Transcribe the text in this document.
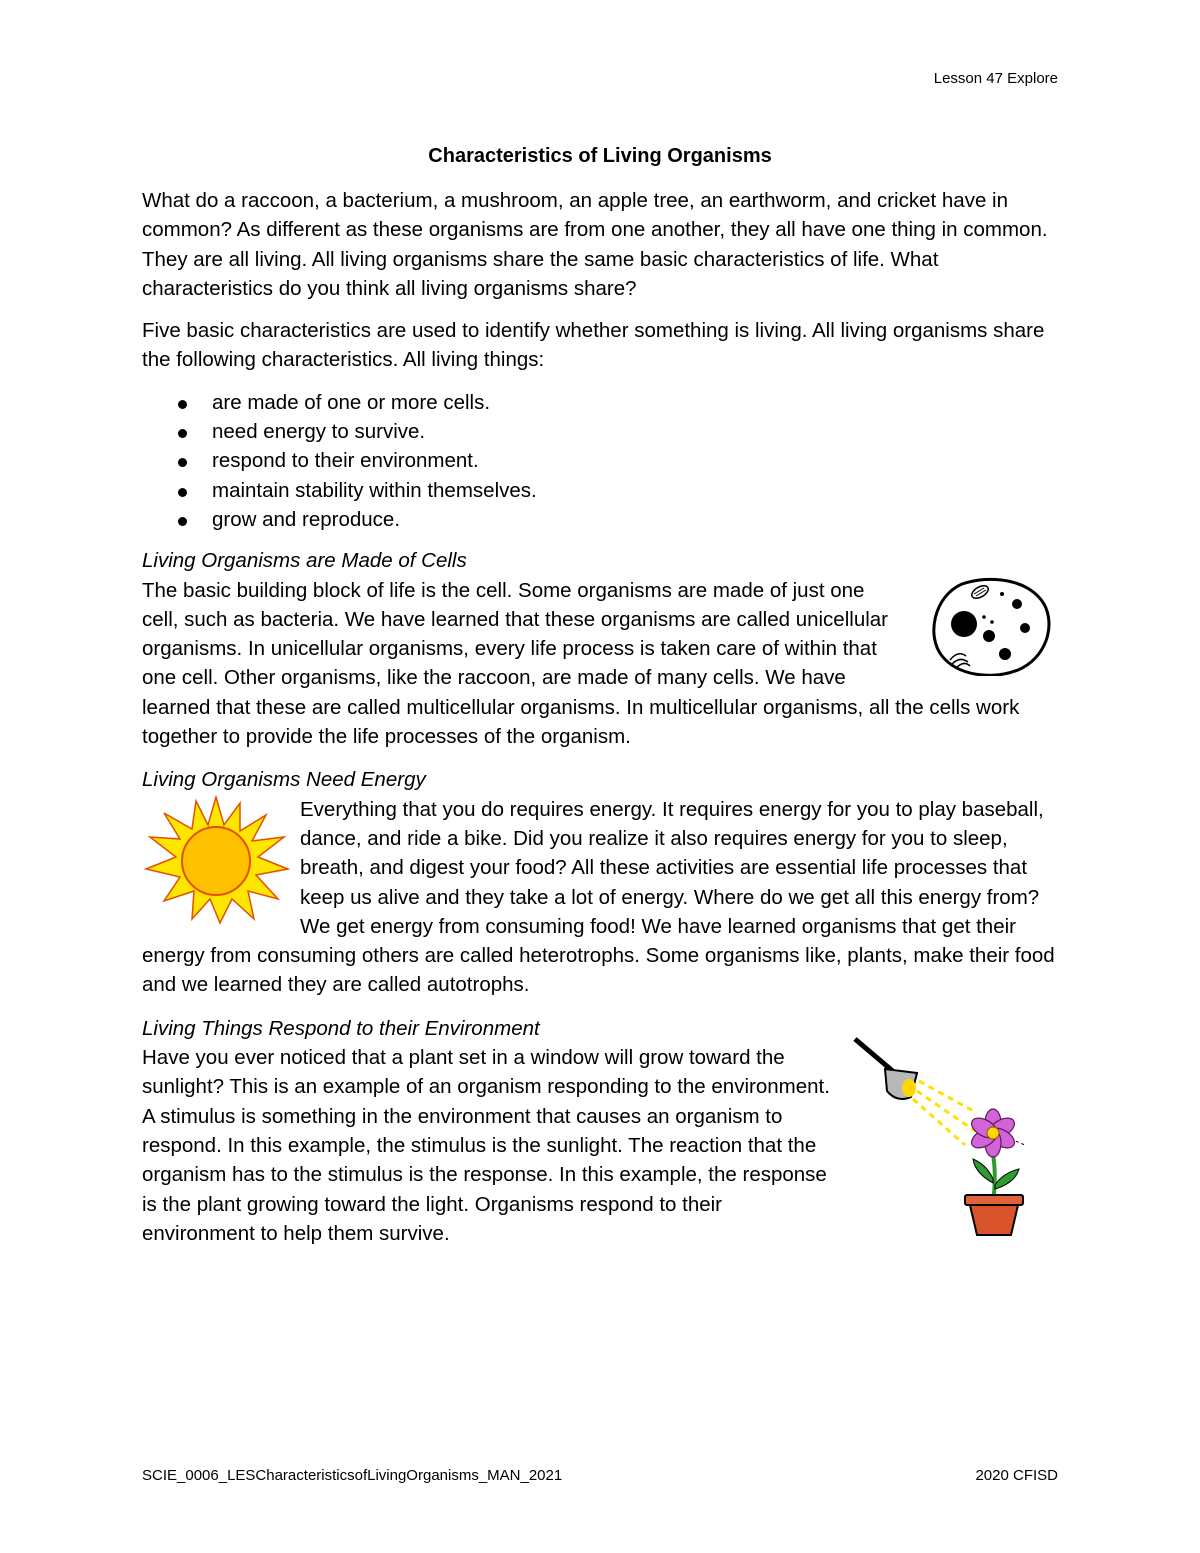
Lesson 47 Explore
Characteristics of Living Organisms

What do a raccoon, a bacterium, a mushroom, an apple tree, an earthworm, and cricket have in common? As different as these organisms are from one another, they all have one thing in common. They are all living. All living organisms share the same basic characteristics of life. What characteristics do you think all living organisms share?

Five basic characteristics are used to identify whether something is living. All living organisms share the following characteristics. All living things:

are made of one or more cells.
need energy to survive.
respond to their environment.
maintain stability within themselves.
grow and reproduce.
Living Organisms are Made of Cells

The basic building block of life is the cell. Some organisms are made of just one cell, such as bacteria. We have learned that these organisms are called unicellular organisms. In unicellular organisms, every life process is taken care of within that one cell. Other organisms, like the raccoon, are made of many cells. We have learned that these are called multicellular organisms. In multicellular organisms, all the cells work together to provide the life processes of the organism.

Living Organisms Need Energy

Everything that you do requires energy. It requires energy for you to play baseball, dance, and ride a bike. Did you realize it also requires energy for you to sleep, breath, and digest your food? All these activities are essential life processes that keep us alive and they take a lot of energy. Where do we get all this energy from? We get energy from consuming food! We have learned organisms that get their energy from consuming others are called heterotrophs. Some organisms like, plants, make their food and we learned they are called autotrophs.

Living Things Respond to their Environment

Have you ever noticed that a plant set in a window will grow toward the sunlight? This is an example of an organism responding to the environment. A stimulus is something in the environment that causes an organism to respond. In this example, the stimulus is the sunlight. The reaction that the organism has to the stimulus is the response. In this example, the response is the plant growing toward the light. Organisms respond to their environment to help them survive.

SCIE_0006_LESCharacteristicsofLivingOrganisms_MAN_2021	2020 CFISD
